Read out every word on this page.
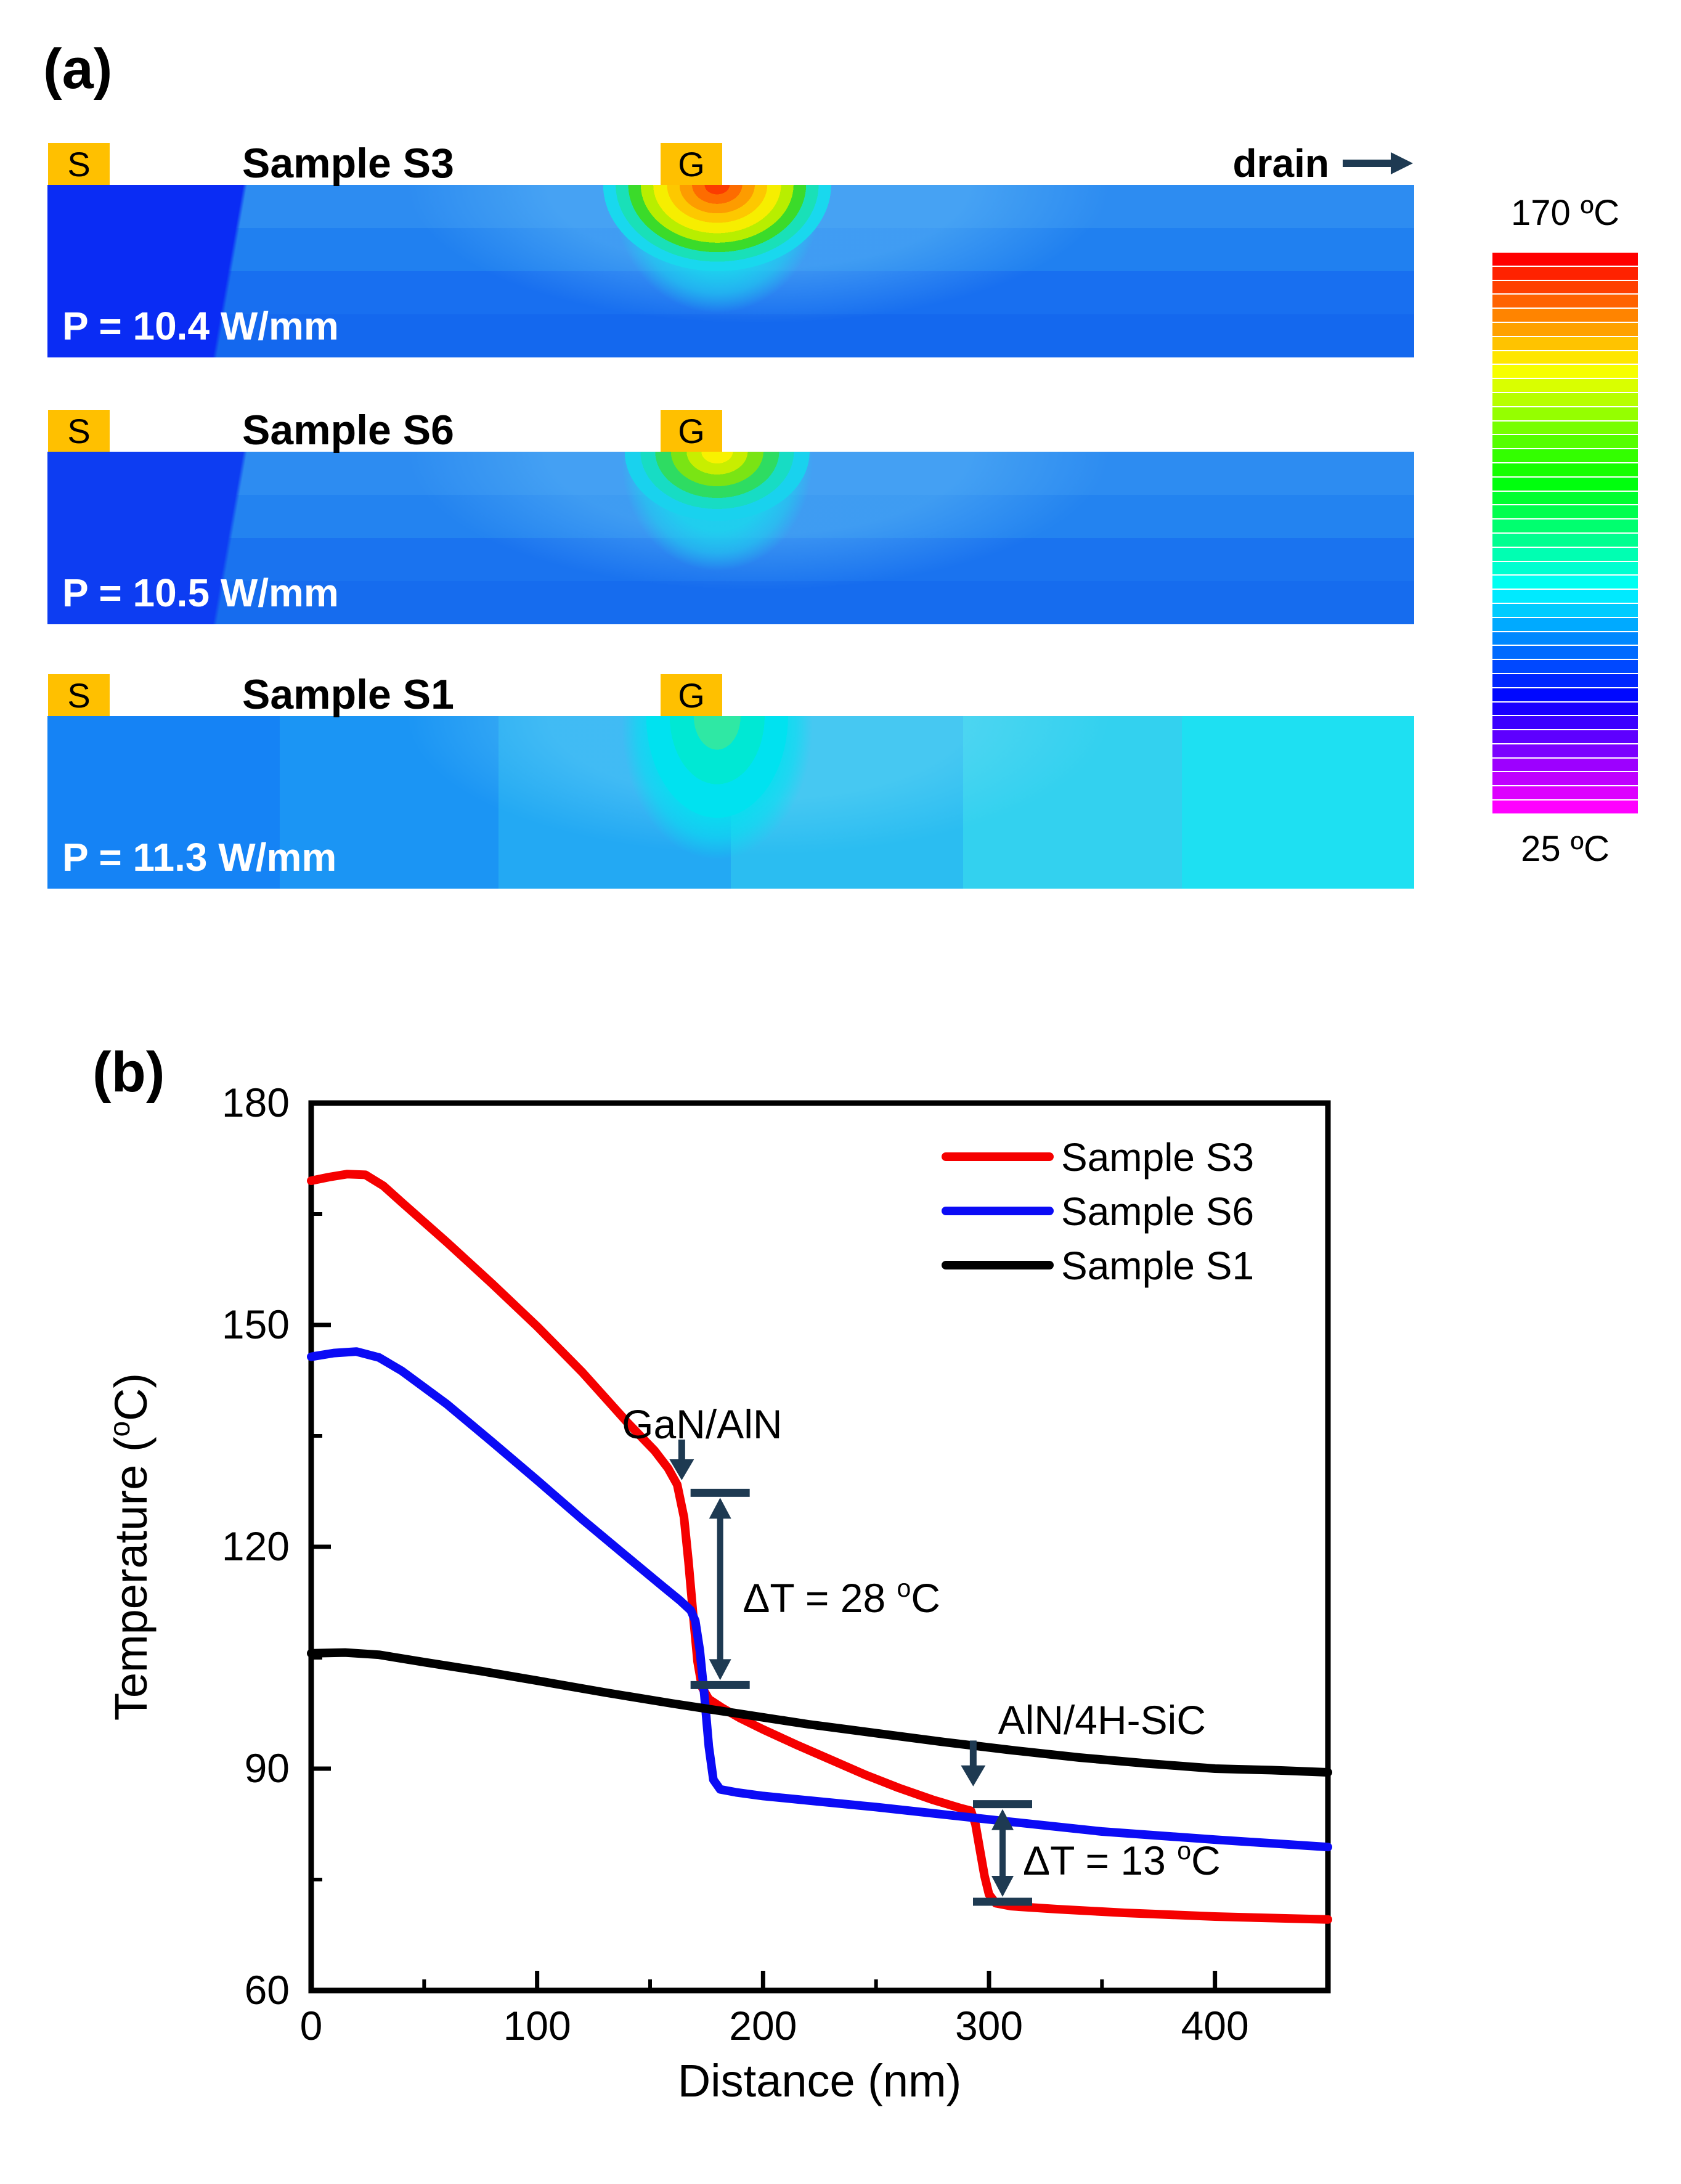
(a)
Sample S3
S	G	drain
P = 10.4 W/mm
Sample S6
S	G
P = 10.5 W/mm
Sample S1
S	G
P = 11.3 W/mm
170 ºC
25 ºC
(b)
0	100	200	300	400
60
90
120
150
180
Distance (nm)
Temperature ($^o$C)
Sample S3
Sample S6
Sample S1
GaN/AlN
ΔT = 28 $^o$C
AlN/4H-SiC
ΔT = 13 $^o$C
